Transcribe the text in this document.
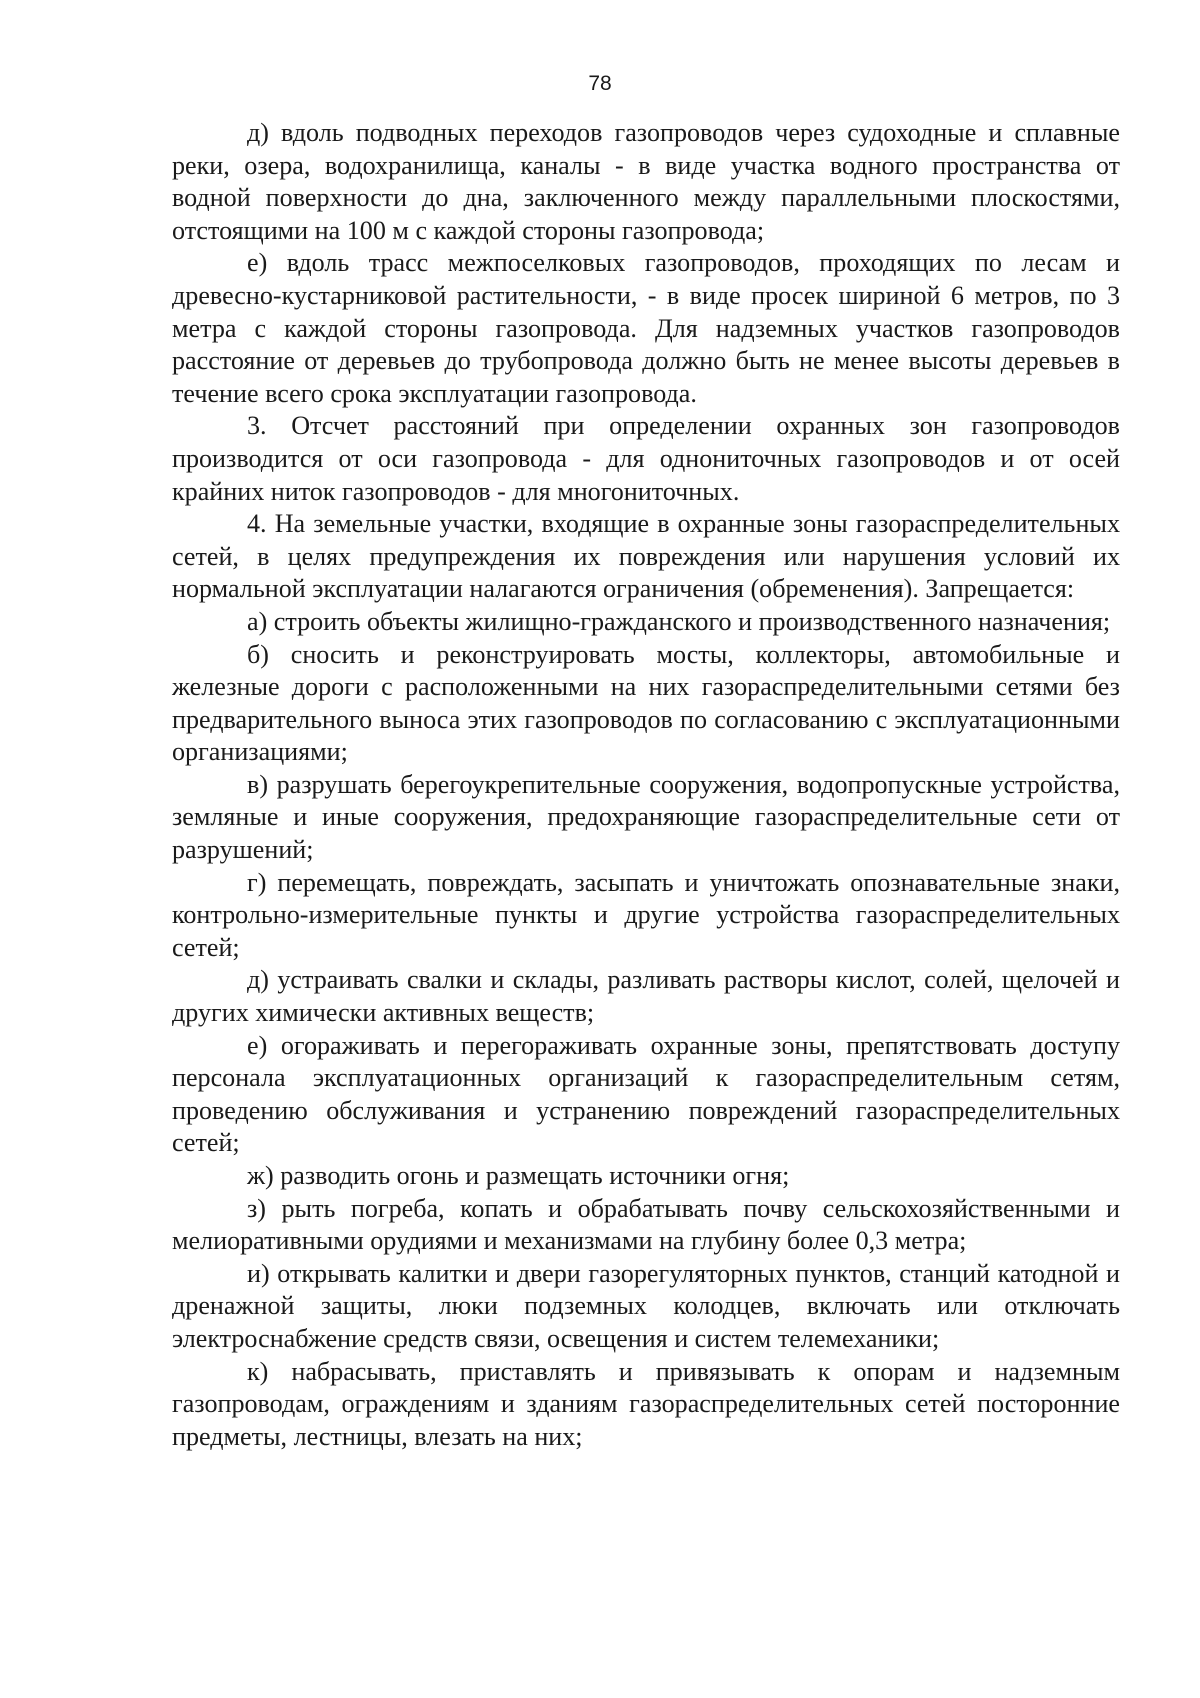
78

д) вдоль подводных переходов газопроводов через судоходные и сплавные реки, озера, водохранилища, каналы - в виде участка водного пространства от водной поверхности до дна, заключенного между параллельными плоскостями, отстоящими на 100 м с каждой стороны газопровода;

е) вдоль трасс межпоселковых газопроводов, проходящих по лесам и древесно-кустарниковой растительности, - в виде просек шириной 6 метров, по 3 метра с каждой стороны газопровода. Для надземных участков газопроводов расстояние от деревьев до трубопровода должно быть не менее высоты деревьев в течение всего срока эксплуатации газопровода.

3. Отсчет расстояний при определении охранных зон газопроводов производится от оси газопровода - для однониточных газопроводов и от осей крайних ниток газопроводов - для многониточных.

4. На земельные участки, входящие в охранные зоны газораспределительных сетей, в целях предупреждения их повреждения или нарушения условий их нормальной эксплуатации налагаются ограничения (обременения). Запрещается:

а) строить объекты жилищно-гражданского и производственного назначения;

б) сносить и реконструировать мосты, коллекторы, автомобильные и железные дороги с расположенными на них газораспределительными сетями без предварительного выноса этих газопроводов по согласованию с эксплуатационными организациями;

в) разрушать берегоукрепительные сооружения, водопропускные устройства, земляные и иные сооружения, предохраняющие газораспределительные сети от разрушений;

г) перемещать, повреждать, засыпать и уничтожать опознавательные знаки, контрольно-измерительные пункты и другие устройства газораспределительных сетей;

д) устраивать свалки и склады, разливать растворы кислот, солей, щелочей и других химически активных веществ;

е) огораживать и перегораживать охранные зоны, препятствовать доступу персонала эксплуатационных организаций к газораспределительным сетям, проведению обслуживания и устранению повреждений газораспределительных сетей;

ж) разводить огонь и размещать источники огня;

з) рыть погреба, копать и обрабатывать почву сельскохозяйственными и мелиоративными орудиями и механизмами на глубину более 0,3 метра;

и) открывать калитки и двери газорегуляторных пунктов, станций катодной и дренажной защиты, люки подземных колодцев, включать или отключать электроснабжение средств связи, освещения и систем телемеханики;

к) набрасывать, приставлять и привязывать к опорам и надземным газопроводам, ограждениям и зданиям газораспределительных сетей посторонние предметы, лестницы, влезать на них;
